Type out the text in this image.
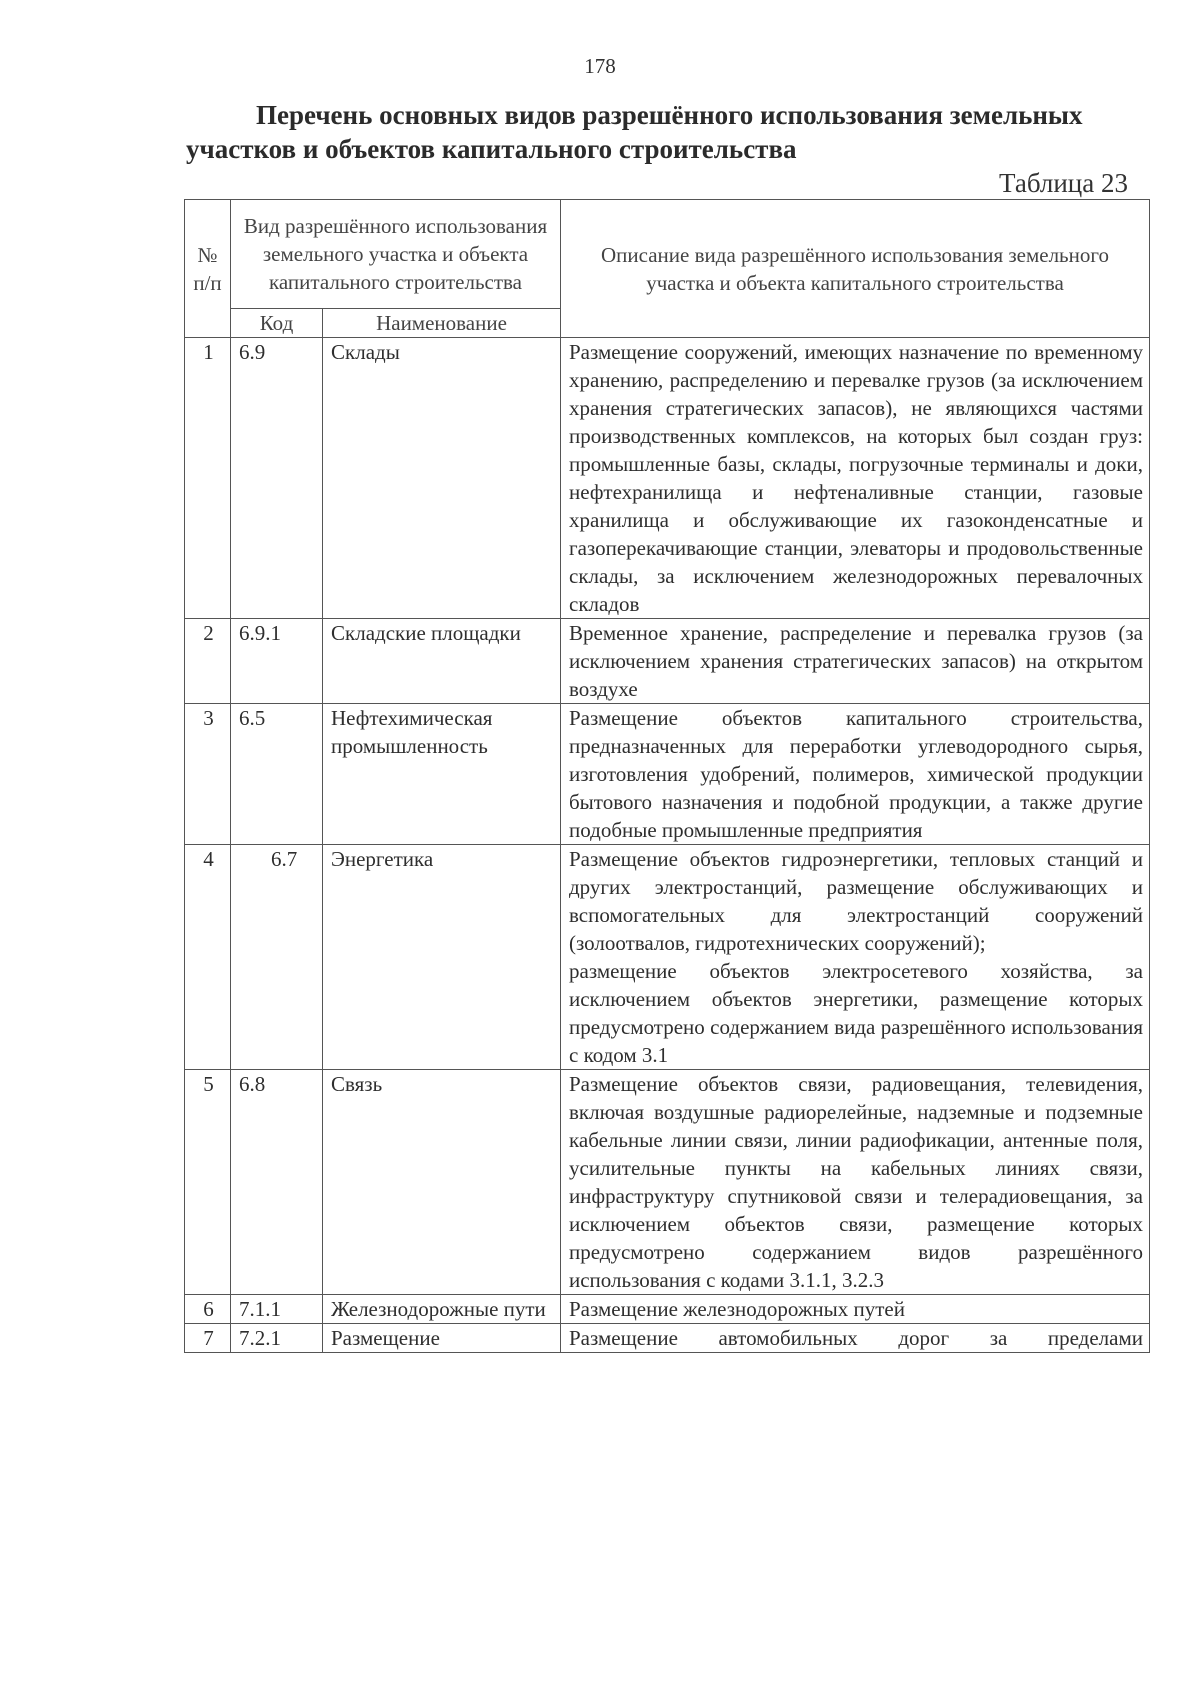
178
Перечень основных видов разрешённого использования земельных участков и объектов капитального строительства
Таблица 23
№ п/п	Вид разрешённого использования земельного участка и объекта капитального строительства		Описание вида разрешённого использования земельного участка и объекта капитального строительства
	Код	Наименование	
1	6.9	Склады	Размещение сооружений, имеющих назначение по временному хранению, распределению и перевалке грузов (за исключением хранения стратегических запасов), не являющихся частями производственных комплексов, на которых был создан груз: промышленные базы, склады, погрузочные терминалы и доки, нефтехранилища и нефтеналивные станции, газовые хранилища и обслуживающие их газоконденсатные и газоперекачивающие станции, элеваторы и продовольственные склады, за исключением железнодорожных перевалочных складов
2	6.9.1	Складские площадки	Временное хранение, распределение и перевалка грузов (за исключением хранения стратегических запасов) на открытом воздухе
3	6.5	Нефтехимическая промышленность	Размещение объектов капитального строительства, предназначенных для переработки углеводородного сырья, изготовления удобрений, полимеров, химической продукции бытового назначения и подобной продукции, а также другие подобные промышленные предприятия
4	6.7	Энергетика	Размещение объектов гидроэнергетики, тепловых станций и других электростанций, размещение обслуживающих и вспомогательных для электростанций сооружений (золоотвалов, гидротехнических сооружений);
размещение объектов электросетевого хозяйства, за исключением объектов энергетики, размещение которых предусмотрено содержанием вида разрешённого использования с кодом 3.1

5	6.8	Связь	Размещение объектов связи, радиовещания, телевидения, включая воздушные радиорелейные, надземные и подземные кабельные линии связи, линии радиофикации, антенные поля, усилительные пункты на кабельных линиях связи, инфраструктуру спутниковой связи и телерадиовещания, за исключением объектов связи, размещение которых предусмотрено содержанием видов разрешённого использования с кодами 3.1.1, 3.2.3
6	7.1.1	Железнодорожные пути	Размещение железнодорожных путей
7	7.2.1	Размещение	Размещение автомобильных дорог за пределами
